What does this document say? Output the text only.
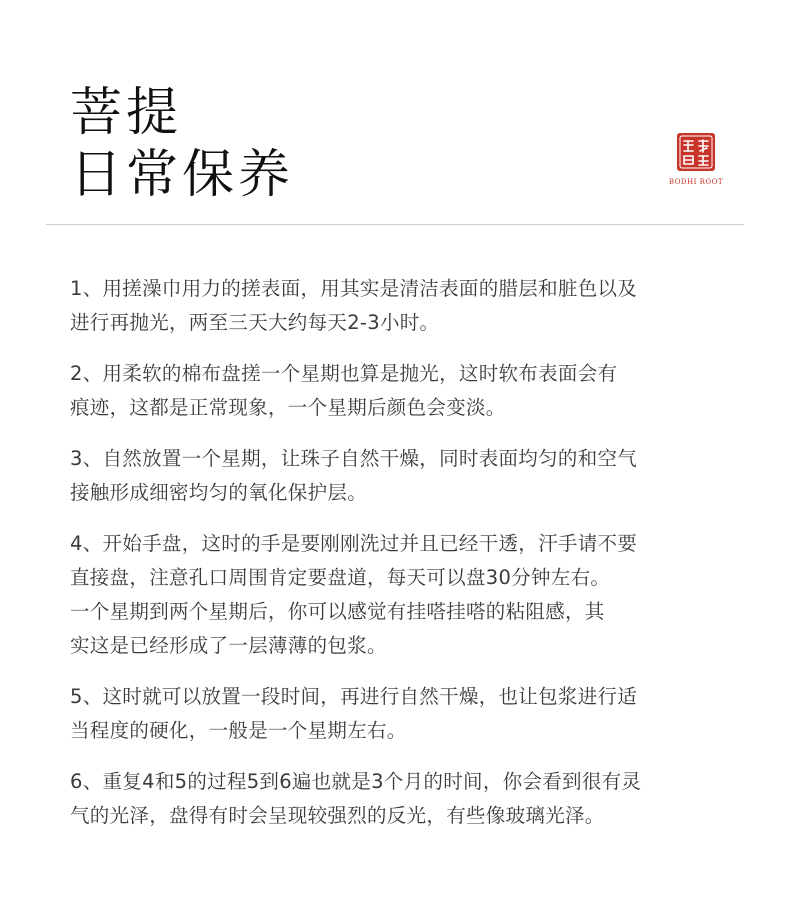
菩提
日常保养	BODHI ROOT

1、用搓澡巾用力的搓表面，用其实是清洁表面的腊层和脏色以及
进行再抛光，两至三天大约每天2-3小时。

2、用柔软的棉布盘搓一个星期也算是抛光，这时软布表面会有
痕迹，这都是正常现象，一个星期后颜色会变淡。

3、自然放置一个星期，让珠子自然干燥，同时表面均匀的和空气
接触形成细密均匀的氧化保护层。

4、开始手盘，这时的手是要刚刚洗过并且已经干透，汗手请不要
直接盘，注意孔口周围肯定要盘道，每天可以盘30分钟左右。
一个星期到两个星期后，你可以感觉有挂嗒挂嗒的粘阻感，其
实这是已经形成了一层薄薄的包浆。

5、这时就可以放置一段时间，再进行自然干燥，也让包浆进行适
当程度的硬化，一般是一个星期左右。

6、重复4和5的过程5到6遍也就是3个月的时间，你会看到很有灵
气的光泽，盘得有时会呈现较强烈的反光，有些像玻璃光泽。
